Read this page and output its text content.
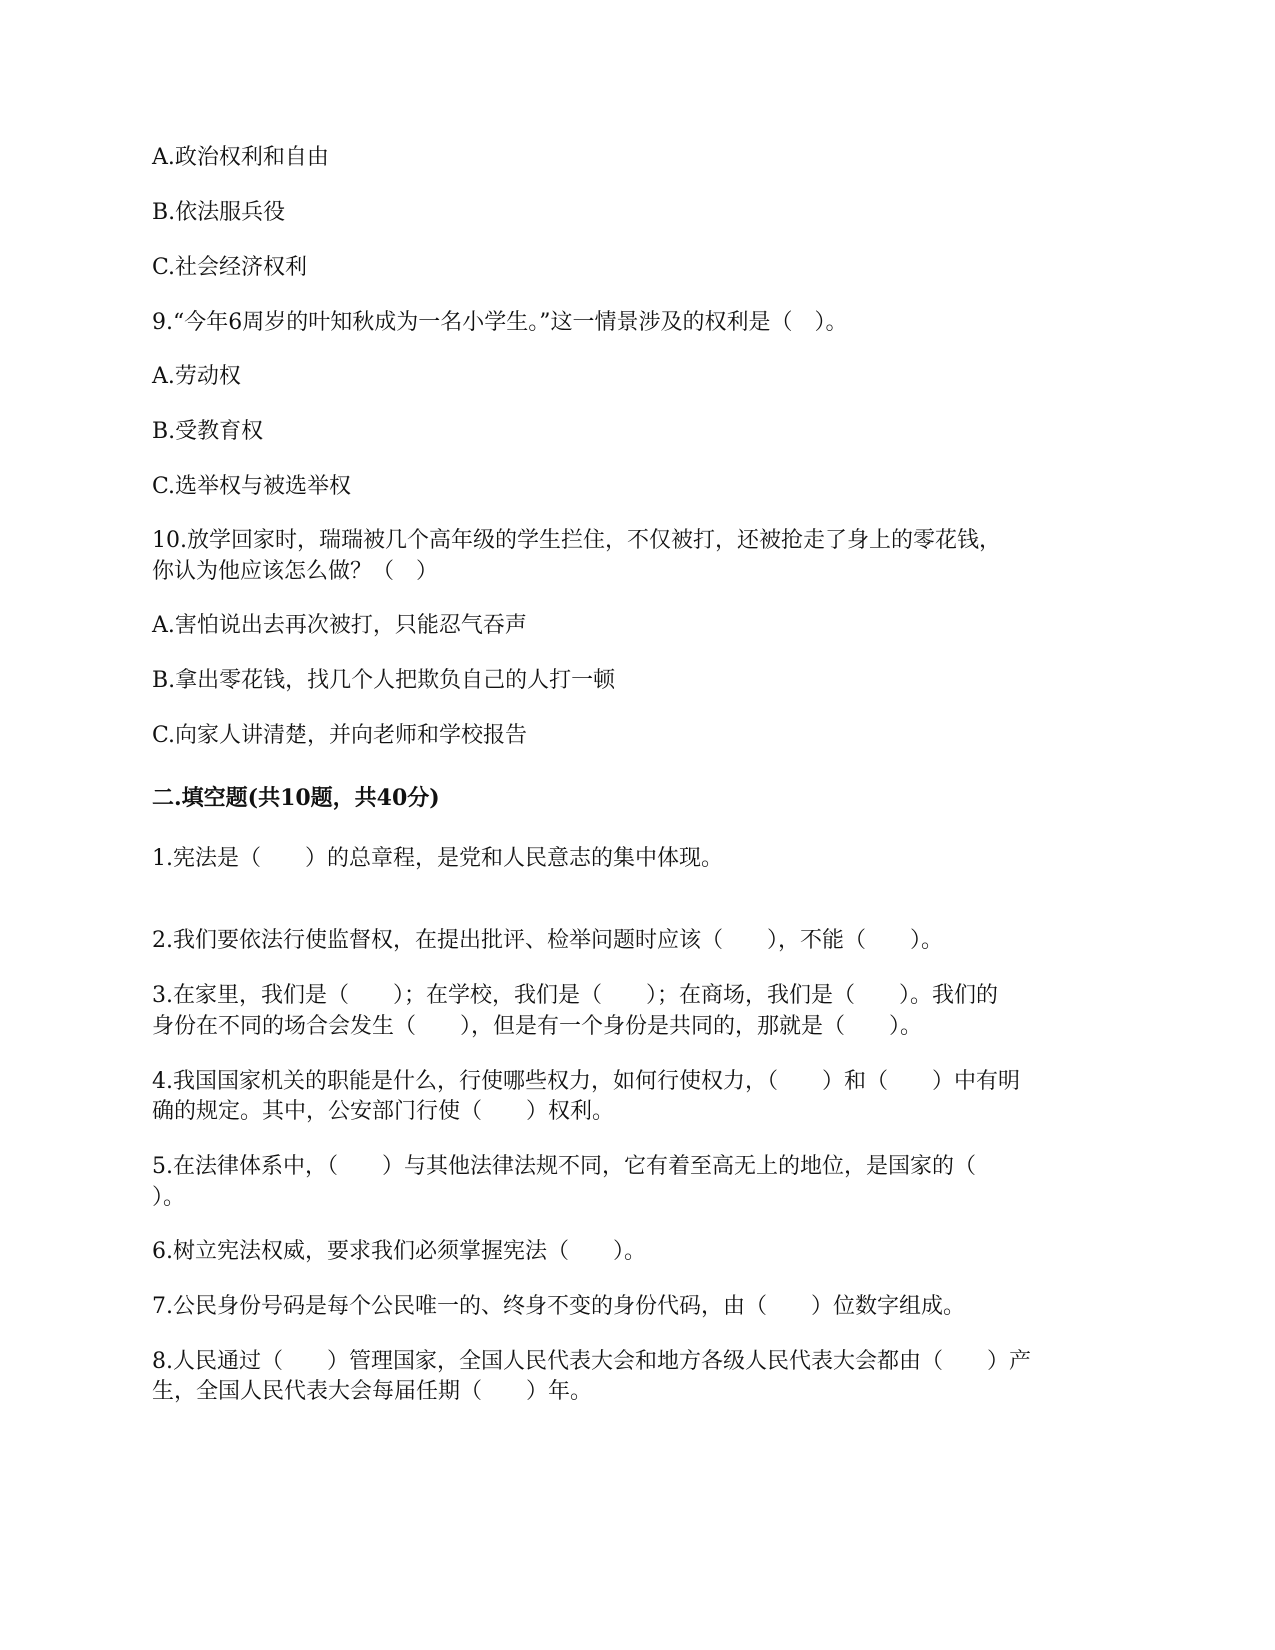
A.政治权利和自由
B.依法服兵役
C.社会经济权利
9.“今年6周岁的叶知秋成为一名小学生。”这一情景涉及的权利是（　）。
A.劳动权
B.受教育权
C.选举权与被选举权
10.放学回家时，瑞瑞被几个高年级的学生拦住，不仅被打，还被抢走了身上的零花钱，
你认为他应该怎么做？（　）
A.害怕说出去再次被打，只能忍气吞声
B.拿出零花钱，找几个人把欺负自己的人打一顿
C.向家人讲清楚，并向老师和学校报告
二.填空题(共10题，共40分)
1.宪法是（　　）的总章程，是党和人民意志的集中体现。
2.我们要依法行使监督权，在提出批评、检举问题时应该（　　），不能（　　）。
3.在家里，我们是（　　）；在学校，我们是（　　）；在商场，我们是（　　）。我们的
身份在不同的场合会发生（　　），但是有一个身份是共同的，那就是（　　）。
4.我国国家机关的职能是什么，行使哪些权力，如何行使权力，（　　）和（　　）中有明
确的规定。其中，公安部门行使（　　）权利。
5.在法律体系中，（　　）与其他法律法规不同，它有着至高无上的地位，是国家的（
）。
6.树立宪法权威，要求我们必须掌握宪法（　　）。
7.公民身份号码是每个公民唯一的、终身不变的身份代码，由（　　）位数字组成。
8.人民通过（　　）管理国家，全国人民代表大会和地方各级人民代表大会都由（　　）产
生，全国人民代表大会每届任期（　　）年。
